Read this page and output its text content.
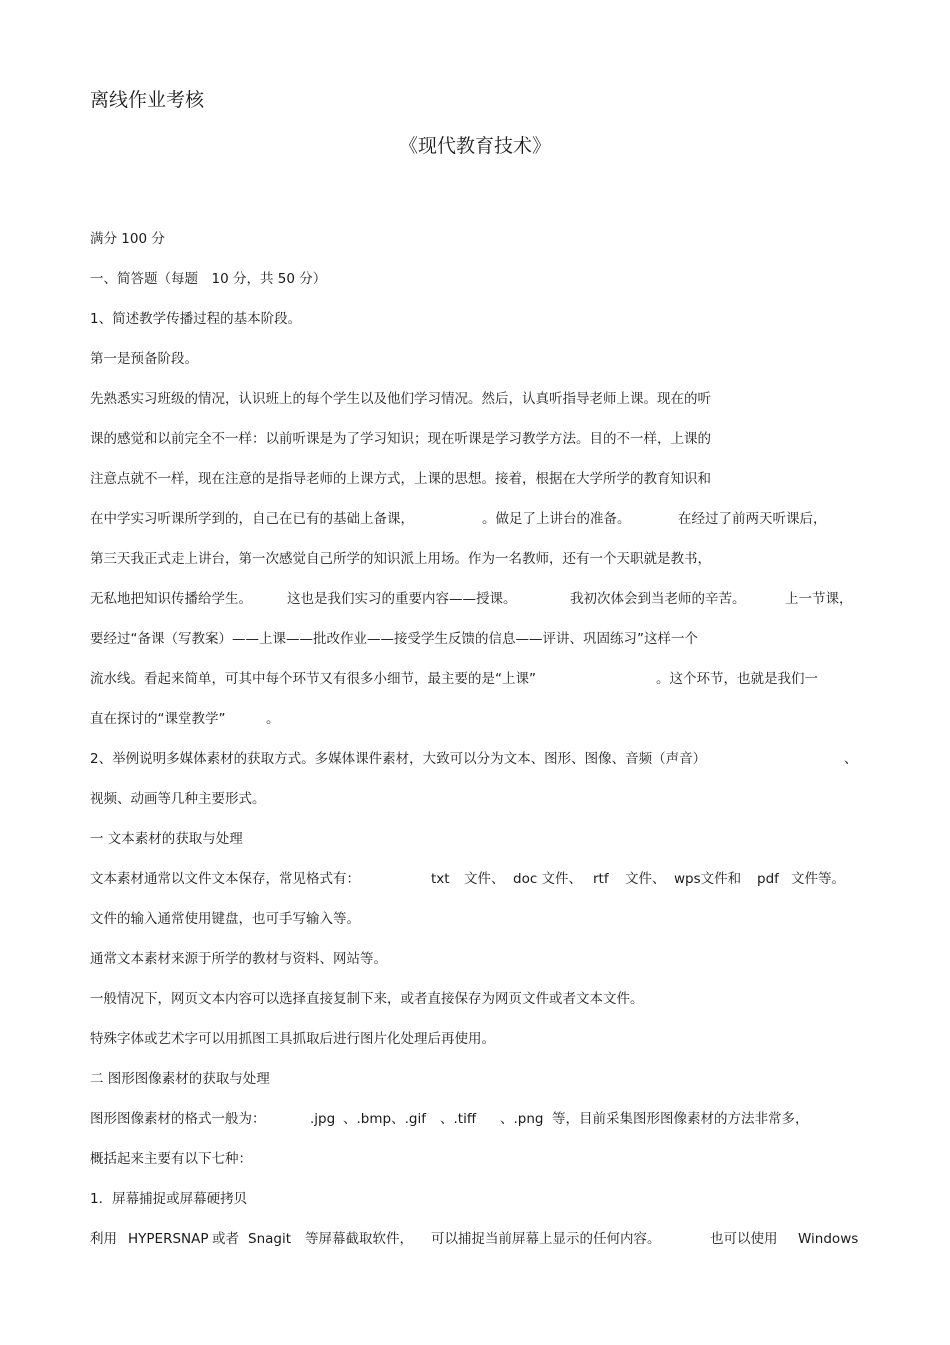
离线作业考核
《现代教育技术》
满分 100 分
一、简答题（每题　10 分，共 50 分）
1、简述教学传播过程的基本阶段。
第一是预备阶段。
先熟悉实习班级的情况，认识班上的每个学生以及他们学习情况。然后，认真听指导老师上课。现在的听
课的感觉和以前完全不一样：以前听课是为了学习知识；现在听课是学习教学方法。目的不一样，上课的
注意点就不一样，现在注意的是指导老师的上课方式，上课的思想。接着，根据在大学所学的教育知识和
在中学实习听课所学到的，自己在已有的基础上备课，	。做足了上讲台的准备。	在经过了前两天听课后，
第三天我正式走上讲台，第一次感觉自己所学的知识派上用场。作为一名教师，还有一个天职就是教书，
无私地把知识传播给学生。	这也是我们实习的重要内容——授课。	我初次体会到当老师的辛苦。	上一节课，
要经过“备课（写教案）——上课——批改作业——接受学生反馈的信息——评讲、巩固练习”这样一个
流水线。看起来简单，可其中每个环节又有很多小细节，最主要的是“上课”	。这个环节，也就是我们一
直在探讨的“课堂教学”	。
2、举例说明多媒体素材的获取方式。多媒体课件素材，大致可以分为文本、图形、图像、音频（声音）	、
视频、动画等几种主要形式。
一 文本素材的获取与处理
文本素材通常以文件文本保存，常见格式有：	txt 文件、 doc 文件、 rtf 文件、 wps文件和 pdf 文件等。
文件的输入通常使用键盘，也可手写输入等。
通常文本素材来源于所学的教材与资料、网站等。
一般情况下，网页文本内容可以选择直接复制下来，或者直接保存为网页文件或者文本文件。
特殊字体或艺术字可以用抓图工具抓取后进行图片化处理后再使用。
二 图形图像素材的获取与处理
图形图像素材的格式一般为：	.jpg 、.bmp、.gif 、.tiff 、.png 等，目前采集图形图像素材的方法非常多，
概括起来主要有以下七种：
1．屏幕捕捉或屏幕硬拷贝
利用 HYPERSNAP 或者 Snagit 等屏幕截取软件， 可以捕捉当前屏幕上显示的任何内容。	也可以使用 Windows
